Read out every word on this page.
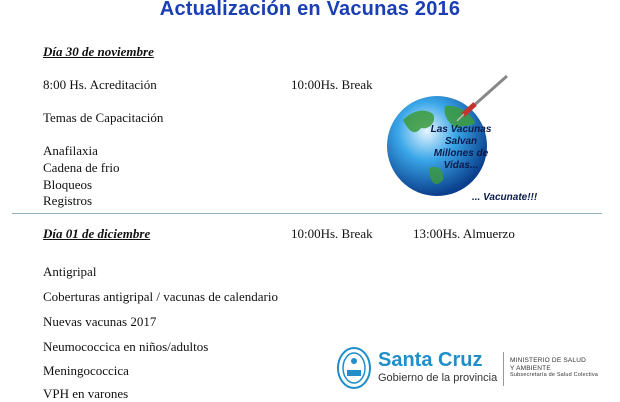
Actualización en Vacunas 2016
Día 30 de noviembre
8:00 Hs. Acreditación	10:00Hs. Break
Temas de Capacitación
Anafilaxia
Cadena de frio
Bloqueos
Registros
Las Vacunas
Salvan
Millones de
Vidas...
... Vacunate!!!
Día 01 de diciembre	10:00Hs. Break	13:00Hs. Almuerzo
Antigripal
Coberturas antigripal / vacunas de calendario
Nuevas vacunas 2017
Neumococcica en niños/adultos
Meningococcica
VPH en varones
Santa Cruz
Gobierno de la provincia
MINISTERIO DE SALUD
Y AMBIENTE
Subsecretaría de Salud Colectiva
